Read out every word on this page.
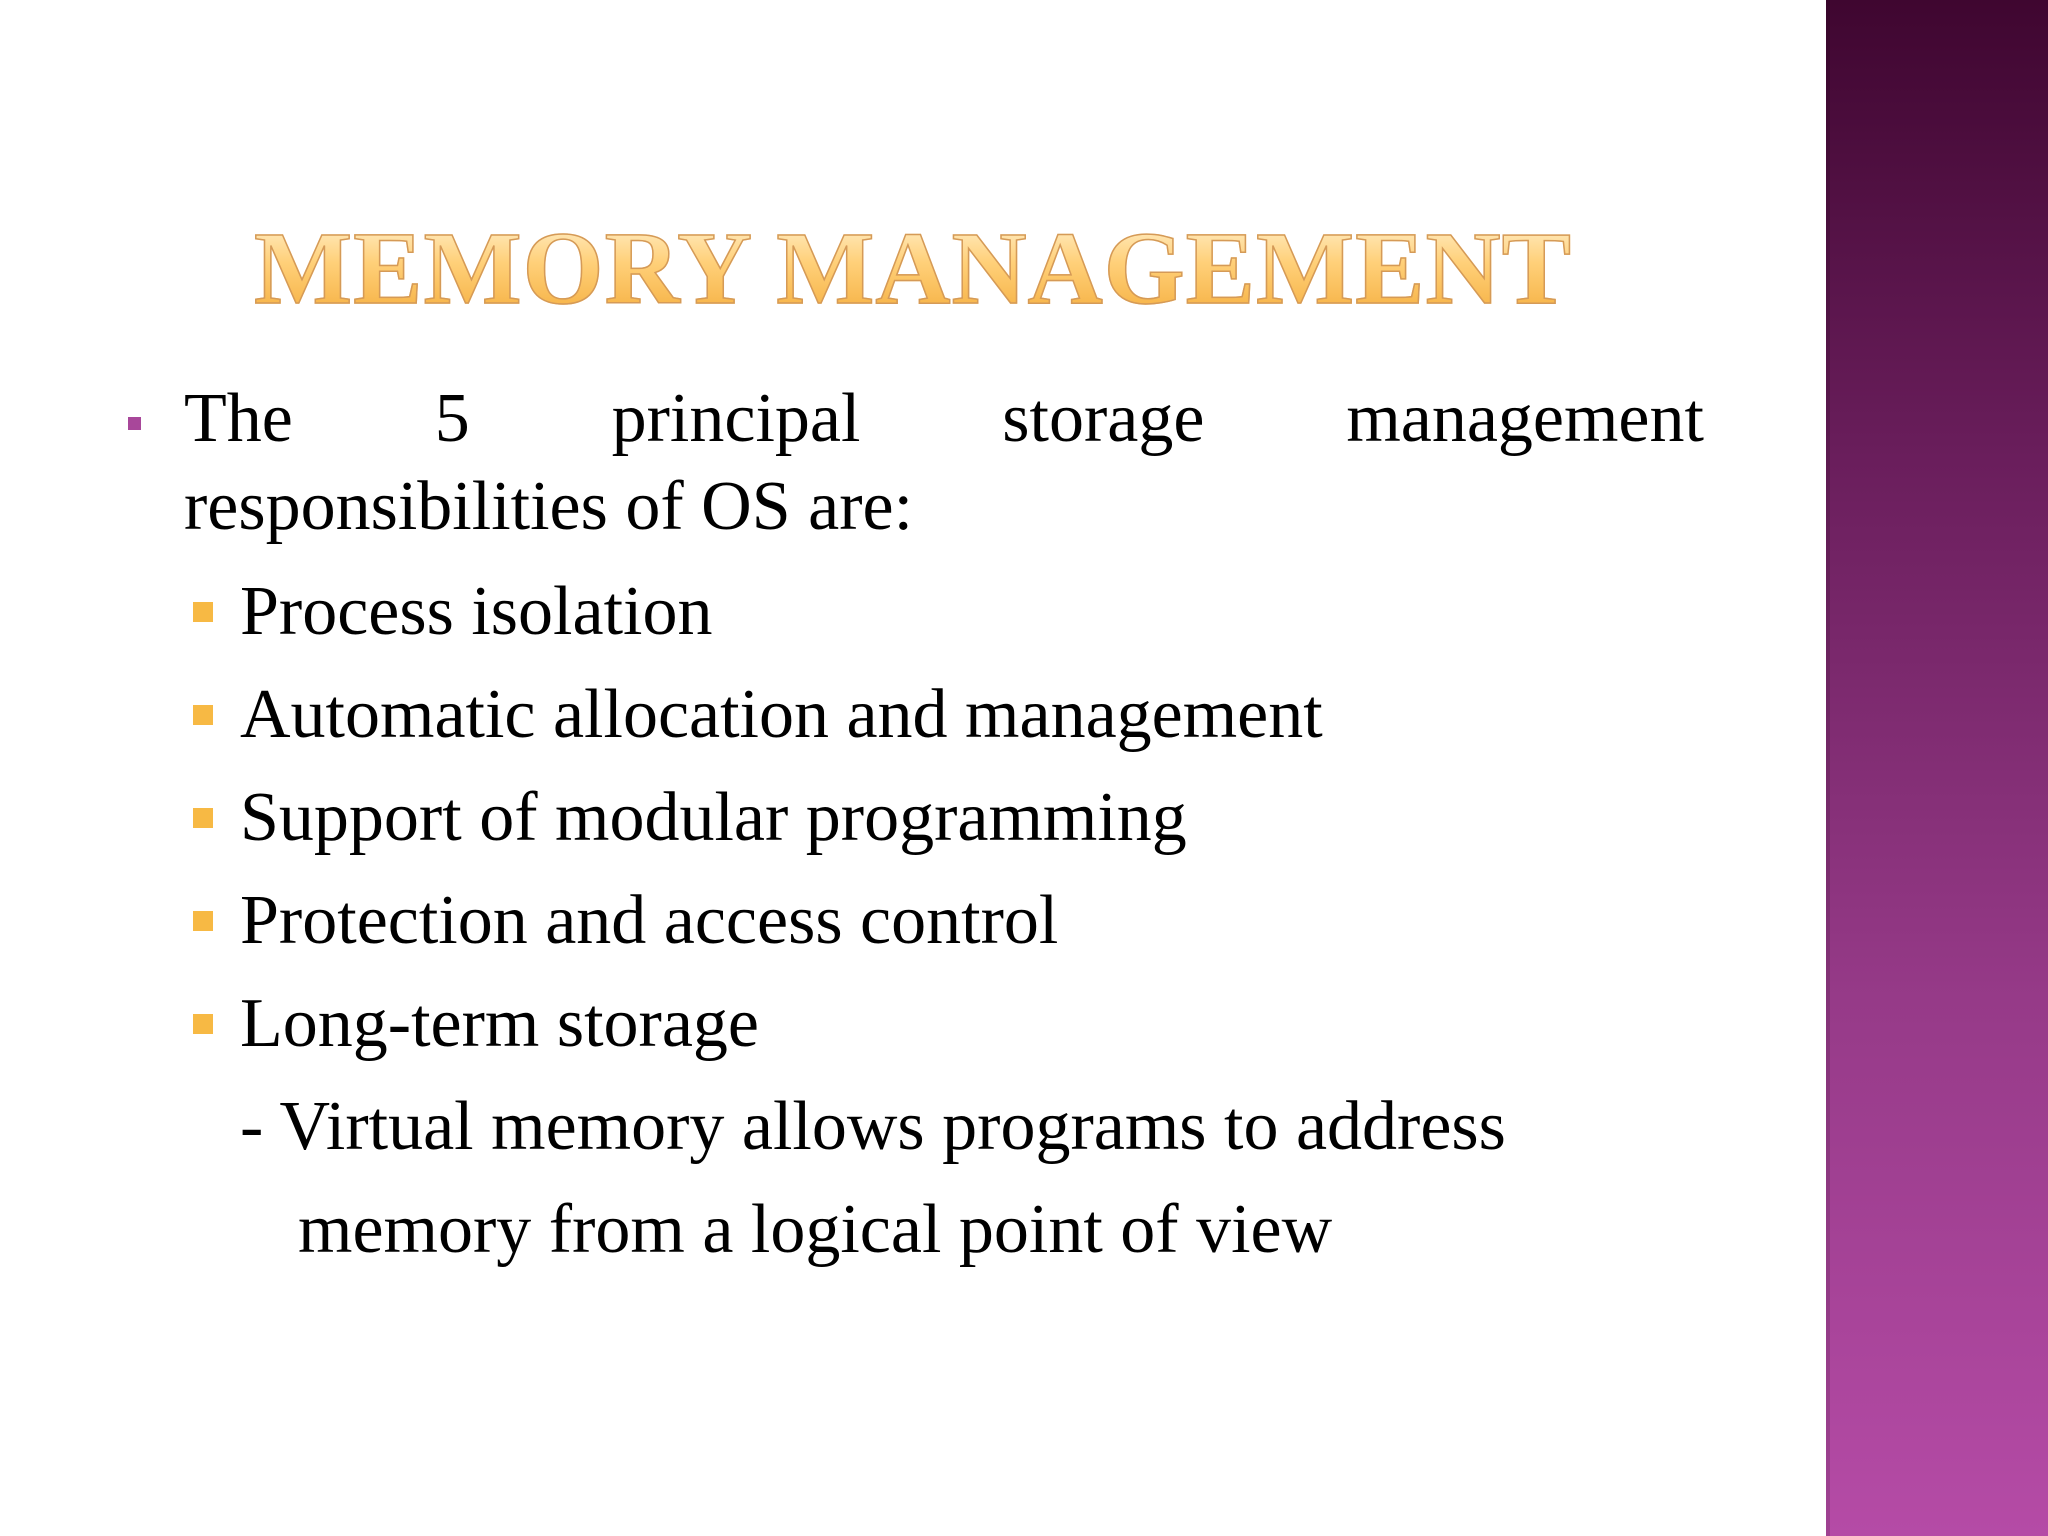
MEMORY MANAGEMENT
The 5 principal storage management
responsibilities of OS are:
Process isolation
Automatic allocation and management
Support of modular programming
Protection and access control
Long-term storage
- Virtual memory allows programs to address
memory from a logical point of view
